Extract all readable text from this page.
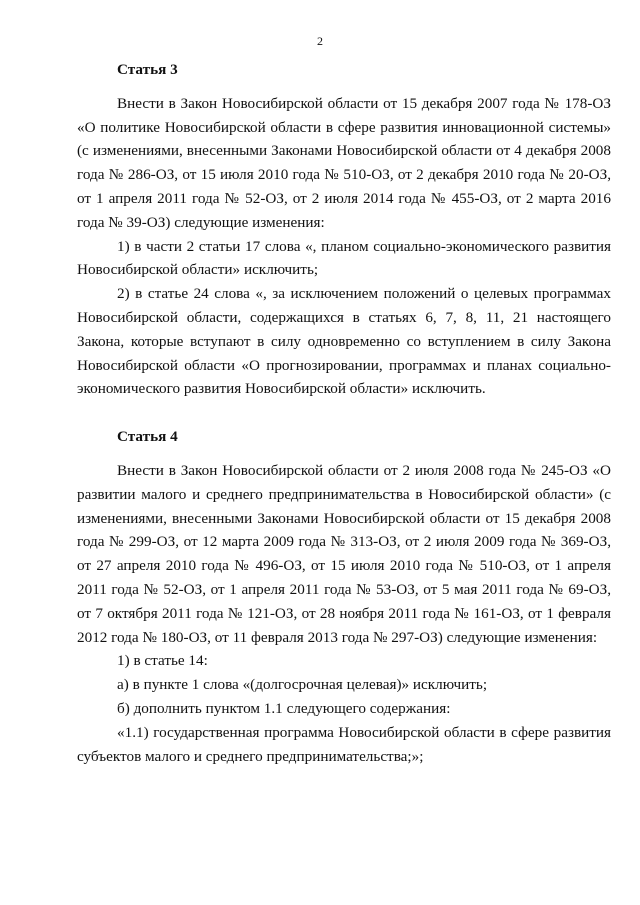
2

Статья 3

Внести в Закон Новосибирской области от 15 декабря 2007 года № 178-ОЗ «О политике Новосибирской области в сфере развития инновационной системы» (с изменениями, внесенными Законами Новосибирской области от 4 декабря 2008 года № 286-ОЗ, от 15 июля 2010 года № 510-ОЗ, от 2 декабря 2010 года № 20-ОЗ, от 1 апреля 2011 года № 52-ОЗ, от 2 июля 2014 года № 455-ОЗ, от 2 марта 2016 года № 39-ОЗ) следующие изменения:

1) в части 2 статьи 17 слова «, планом социально-экономического развития Новосибирской области» исключить;

2) в статье 24 слова «, за исключением положений о целевых программах Новосибирской области, содержащихся в статьях 6, 7, 8, 11, 21 настоящего Закона, которые вступают в силу одновременно со вступлением в силу Закона Новосибирской области «О прогнозировании, программах и планах социально-экономического развития Новосибирской области» исключить.

Статья 4

Внести в Закон Новосибирской области от 2 июля 2008 года № 245-ОЗ «О развитии малого и среднего предпринимательства в Новосибирской области» (с изменениями, внесенными Законами Новосибирской области от 15 декабря 2008 года № 299-ОЗ, от 12 марта 2009 года № 313-ОЗ, от 2 июля 2009 года № 369-ОЗ, от 27 апреля 2010 года № 496-ОЗ, от 15 июля 2010 года № 510-ОЗ, от 1 апреля 2011 года № 52-ОЗ, от 1 апреля 2011 года № 53-ОЗ, от 5 мая 2011 года № 69-ОЗ, от 7 октября 2011 года № 121-ОЗ, от 28 ноября 2011 года № 161-ОЗ, от 1 февраля 2012 года № 180-ОЗ, от 11 февраля 2013 года № 297-ОЗ) следующие изменения:

1) в статье 14:

а) в пункте 1 слова «(долгосрочная целевая)» исключить;

б) дополнить пунктом 1.1 следующего содержания:

«1.1) государственная программа Новосибирской области в сфере развития субъектов малого и среднего предпринимательства;»;
